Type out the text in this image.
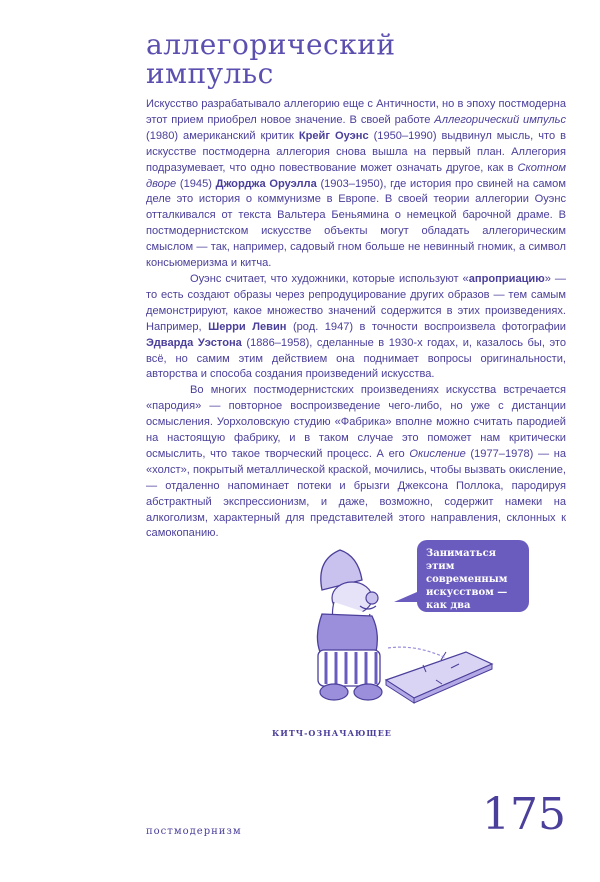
аллегорический
импульс

Искусство разрабатывало аллегорию еще с Античности, но в эпоху постмодерна этот прием приобрел новое значение. В своей работе Аллегорический импульс (1980) американский критик Крейг Оуэнс (1950–1990) выдвинул мысль, что в искусстве постмодерна аллегория снова вышла на первый план. Аллегория подразумевает, что одно повествование может означать другое, как в Скотном дворе (1945) Джорджа Оруэлла (1903–1950), где история про свиней на самом деле это история о коммунизме в Европе. В своей теории аллегории Оуэнс отталкивался от текста Вальтера Беньямина о немецкой барочной драме. В постмодернистском искусстве объекты могут обладать аллегорическим смыслом — так, например, садовый гном больше не невинный гномик, а символ консьюмеризма и китча.

Оуэнс считает, что художники, которые используют «апроприацию» — то есть создают образы через репродуцирование других образов — тем самым демонстрируют, какое множество значений содержится в этих произведениях. Например, Шерри Левин (род. 1947) в точности воспроизвела фотографии Эдварда Уэстона (1886–1958), сделанные в 1930-х годах, и, казалось бы, это всё, но самим этим действием она поднимает вопросы оригинальности, авторства и способа создания произведений искусства.

Во многих постмодернистских произведениях искусства встречается «пародия» — повторное воспроизведение чего-либо, но уже с дистанции осмысления. Уорхоловскую студию «Фабрика» вполне можно считать пародией на настоящую фабрику, и в таком случае это поможет нам критически осмыслить, что такое творческий процесс. А его Окисление (1977–1978) — на «холст», покрытый металлической краской, мочились, чтобы вызвать окисление, — отдаленно напоминает потеки и брызги Джексона Поллока, пародируя абстрактный экспрессионизм, и даже, возможно, содержит намеки на алкоголизм, характерный для представителей этого направления, склонных к самокопанию.

Заниматься этим современным искусством — как два пальца...
КИТЧ-ОЗНАЧАЮЩЕЕ
постмодернизм	175
